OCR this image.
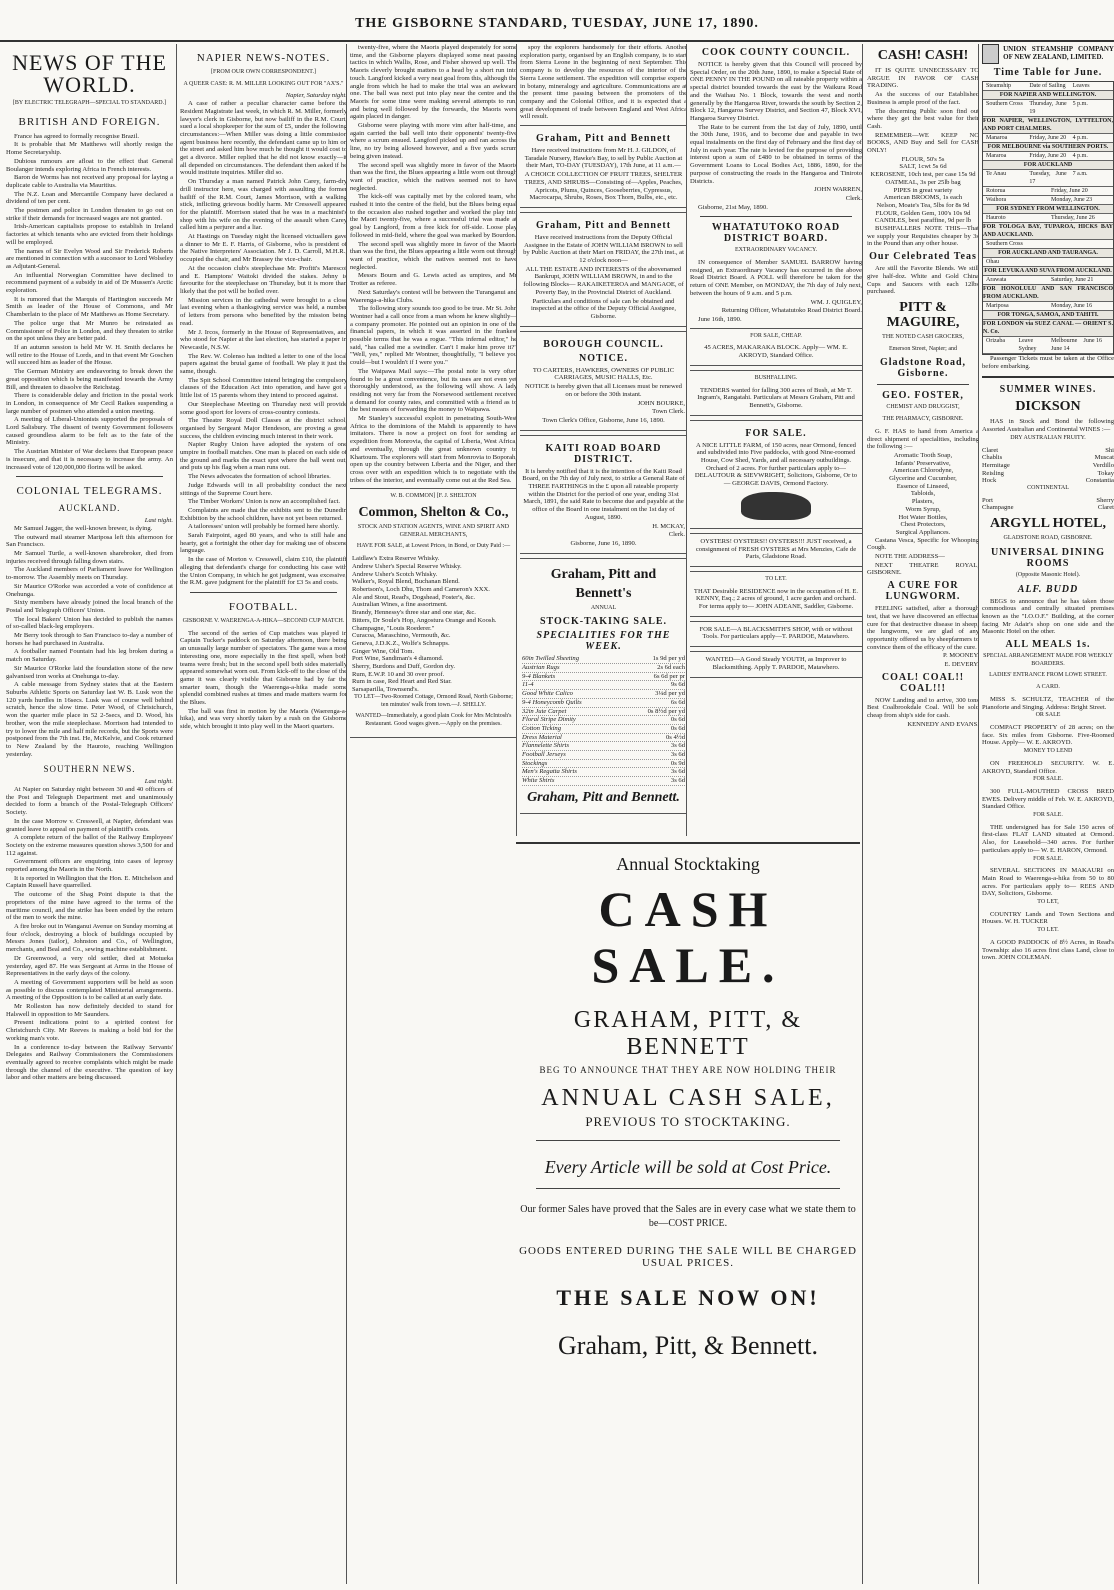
THE GISBORNE STANDARD, TUESDAY, JUNE 17, 1890.
NEWS OF THE WORLD.
[BY ELECTRIC TELEGRAPH—SPECIAL TO STANDARD.]
BRITISH AND FOREIGN.

France has agreed to formally recognise Brazil.

It is probable that Mr Matthews will shortly resign the Home Secretaryship.

Dubious rumours are afloat to the effect that General Boulanger intends exploring Africa in French interests.

Baron de Worms has not received any proposal for laying a duplicate cable to Australia via Mauritius.

The N.Z. Loan and Mercantile Company have declared a dividend of ten per cent.

The postmen and police in London threaten to go out on strike if their demands for increased wages are not granted.

Irish-American capitalists propose to establish in Ireland factories at which tenants who are evicted from their holdings will be employed.

The names of Sir Evelyn Wood and Sir Frederick Roberts are mentioned in connection with a successor to Lord Wolseley as Adjutant-General.

An influential Norwegian Committee have declined to recommend payment of a subsidy in aid of Dr Mussen's Arctic exploration.

It is rumored that the Marquis of Hartington succeeds Mr Smith as leader of the House of Commons, and Mr Chamberlain to the place of Mr Matthews as Home Secretary.

The police urge that Mr Munro be reinstated as Commissioner of Police in London, and they threaten to strike on the spot unless they are better paid.

If an autumn session is held Mr W. H. Smith declares he will retire to the House of Lords, and in that event Mr Goschen will succeed him as leader of the House.

The German Ministry are endeavoring to break down the great opposition which is being manifested towards the Army Bill, and threaten to dissolve the Reichstag.

There is considerable delay and friction in the postal work in London, in consequence of Mr Cecil Raikes suspending a large number of postmen who attended a union meeting.

A meeting of Liberal-Unionists supported the proposals of Lord Salisbury. The dissent of twenty Government followers caused groundless alarm to be felt as to the fate of the Ministry.

The Austrian Minister of War declares that European peace is insecure, and that it is necessary to increase the army. An increased vote of 120,000,000 florins will be asked.

COLONIAL TELEGRAMS.
AUCKLAND.
Last night.

Mr Samuel Jagger, the well-known brewer, is dying.

The outward mail steamer Mariposa left this afternoon for San Francisco.

Mr Samuel Turtle, a well-known sharebroker, died from injuries received through falling down stairs.

The Auckland members of Parliament leave for Wellington to-morrow. The Assembly meets on Thursday.

Sir Maurice O'Rorke was accorded a vote of confidence at Onehunga.

Sixty members have already joined the local branch of the Postal and Telegraph Officers' Union.

The local Bakers' Union has decided to publish the names of so-called black-leg employers.

Mr Berry took through to San Francisco to-day a number of horses he had purchased in Australia.

A footballer named Fountain had his leg broken during a match on Saturday.

Sir Maurice O'Rorke laid the foundation stone of the new galvanised iron works at Onehunga to-day.

A cable message from Sydney states that at the Eastern Suburbs Athletic Sports on Saturday last W. B. Lusk won the 120 yards hurdles in 16secs. Lusk was of course well behind scratch, hence the slow time. Peter Wood, of Christchurch, won the quarter mile place in 52 2-5secs, and D. Wood, his brother, won the mile steeplechase. Morrison had intended to try to lower the mile and half mile records, but the Sports were postponed from the 7th inst. He, McKelvie, and Cook returned to New Zealand by the Hauroto, reaching Wellington yesterday.

SOUTHERN NEWS.
Last night.

At Napier on Saturday night between 30 and 40 officers of the Post and Telegraph Department met and unanimously decided to form a branch of the Postal-Telegraph Officers' Society.

In the case Morrow v. Cresswell, at Napier, defendant was granted leave to appeal on payment of plaintiff's costs.

A complete return of the ballot of the Railway Employees' Society on the extreme measures question shows 3,500 for and 112 against.

Government officers are enquiring into cases of leprosy reported among the Maoris in the North.

It is reported in Wellington that the Hon. E. Mitchelson and Captain Russell have quarrelled.

The outcome of the Shag Point dispute is that the proprietors of the mine have agreed to the terms of the maritime council, and the strike has been ended by the return of the men to work the mine.

A fire broke out in Wanganui Avenue on Sunday morning at four o'clock, destroying a block of buildings occupied by Messrs Jones (tailor), Johnston and Co., of Wellington, merchants, and Beal and Co., sewing machine establishment.

Dr Greenwood, a very old settler, died at Motueka yesterday, aged 87. He was Sergeant at Arms in the House of Representatives in the early days of the colony.

A meeting of Government supporters will be held as soon as possible to discuss contemplated Ministerial arrangements. A meeting of the Opposition is to be called at an early date.

Mr Rolleston has now definitely decided to stand for Halswell in opposition to Mr Saunders.

Present indications point to a spirited contest for Christchurch City. Mr Reeves is making a bold bid for the working man's vote.

In a conference to-day between the Railway Servants' Delegates and Railway Commissioners the Commissioners eventually agreed to receive complaints which might be made through the channel of the executive. The question of key labor and other matters are being discussed.

NAPIER NEWS-NOTES.
[FROM OUR OWN CORRESPONDENT.]
A QUEER CASE: R. M. MILLER LOOKING OUT FOR "AX'S."
Napier, Saturday night.

A case of rather a peculiar character came before the Resident Magistrate last week, in which R. M. Miller, formerly lawyer's clerk in Gisborne, but now bailiff in the R.M. Court, sued a local shopkeeper for the sum of £5, under the following circumstances:—When Miller was doing a little commission agent business here recently, the defendant came up to him on the street and asked him how much he thought it would cost to get a divorce. Miller replied that he did not know exactly—it all depended on circumstances. The defendant then asked if he would institute inquiries. Miller did so.

On Thursday a man named Patrick John Carey, farm-dry drill instructor here, was charged with assaulting the former bailiff of the R.M. Court, James Morrison, with a walking stick, inflicting grievous bodily harm. Mr Cresswell appeared for the plaintiff. Morrison stated that he was in a machinist's shop with his wife on the evening of the assault when Carey called him a perjurer and a liar.

At Hastings on Tuesday night the licensed victuallers gave a dinner to Mr E. F. Harris, of Gisborne, who is president of the Native Interpreters' Association. Mr J. D. Carroll, M.H.R., occupied the chair, and Mr Brassey the vice-chair.

At the occasion club's steeplechase Mr. Profitt's Marescoi and E. Hamptons' Waitoki divided the stakes. Jehny is favourite for the steeplechase on Thursday, but it is more than likely that the pot will be boiled over.

Mission services in the cathedral were brought to a close last evening when a thanksgiving service was held, a number of letters from persons who benefited by the mission being read.

Mr J. Ircos, formerly in the House of Representatives, and who stood for Napier at the last election, has started a paper in Newcastle, N.S.W.

The Rev. W. Colenso has indited a letter to one of the local papers against the brutal game of football. We play it just the same, though.

The Spit School Committee intend bringing the compulsory clauses of the Education Act into operation, and have got a little list of 15 parents whom they intend to proceed against.

Our Steeplechase Meeting on Thursday next will provide some good sport for lovers of cross-country contests.

The Theatre Royal Doll Classes at the district school, organised by Sergeant Major Hendeson, are proving a great success, the children evincing much interest in their work.

Napier Rugby Union have adopted the system of one umpire in football matches. One man is placed on each side of the ground and marks the exact spot where the ball went out, and puts up his flag when a man runs out.

The News advocates the formation of school libraries.

Judge Edwards will in all probability conduct the next sittings of the Supreme Court here.

The Timber Workers' Union is now an accomplished fact.

Complaints are made that the exhibits sent to the Dunedin Exhibition by the school children, have not yet been returned.

A tailoresses' union will probably be formed here shortly.

Sarah Fairpoint, aged 80 years, and who is still hale and hearty, got a fortnight the other day for making use of obscene language.

In the case of Morton v. Cresswell, claim £10, the plaintiff alleging that defendant's charge for conducting his case with the Union Company, in which he got judgment, was excessive, the R.M. gave judgment for the plaintiff for £3 5s and costs.

FOOTBALL.
GISBORNE V. WAERENGA-A-HIKA—SECOND CUP MATCH.

The second of the series of Cup matches was played in Captain Tucker's paddock on Saturday afternoon, there being an unusually large number of spectators. The game was a most interesting one, more especially in the first spell, when both teams were fresh; but in the second spell both sides materially appeared somewhat worn out. From kick-off to the close of the game it was clearly visible that Gisborne had by far the smarter team, though the Waerenga-a-hika made some splendid combined rushes at times and made matters warm for the Blues.

The ball was first in motion by the Maoris (Waerenga-a-hika), and was very shortly taken by a rush on the Gisborne side, which brought it into play well in the Maori quarters.

twenty-five, where the Maoris played desperately for some time, and the Gisborne players displayed some neat passing tactics in which Wallis, Rose, and Fisher showed up well. The Maoris cleverly brought matters to a head by a short run into touch. Langford kicked a very neat goal from this, although the angle from which he had to make the trial was an awkward one. The ball was next put into play near the centre and the Maoris for some time were making several attempts to run, and being well followed by the forwards, the Maoris were again placed in danger.

Gisborne were playing with more vim after half-time, and again carried the ball well into their opponents' twenty-five where a scrum ensued. Langford picked up and ran across the line, no try being allowed however, and a five yards scrum being given instead.

The second spell was slightly more in favor of the Maoris than was the first, the Blues appearing a little worn out through want of practice, which the natives seemed not to have neglected.

The kick-off was capitally met by the colored team, who rushed it into the centre of the field, but the Blues being equal to the occasion also rushed together and worked the play into the Maori twenty-five, where a successful trial was made at goal by Langford, from a free kick for off-side. Loose play followed in mid-field, where the goal was marked by Bourdon.

The second spell was slightly more in favor of the Maoris than was the first, the Blues appearing a little worn out through want of practice, which the natives seemed not to have neglected.

Messrs Bourn and G. Lewis acted as umpires, and Mr Trotter as referee.

Next Saturday's contest will be between the Turanganui and Waerenga-a-hika Clubs.

The following story sounds too good to be true. Mr St. John Wontner had a call once from a man whom he knew slightly—a company promoter. He pointed out an opinion in one of the financial papers, in which it was asserted in the frankest possible terms that he was a rogue. "This infernal editor," he said, "has called me a swindler. Can't I make him prove it?" "Well, yes," replied Mr Wontner, thoughtfully, "I believe you could—but I wouldn't if I were you."

The Waipawa Mail says:—The postal note is very often found to be a great convenience, but its uses are not even yet thoroughly understood, as the following will show. A lady residing not very far from the Norsewood settlement received a demand for county rates, and committed with a friend as to the best means of forwarding the money to Waipawa.

Mr Stanley's successful exploit in penetrating South-West Africa to the dominions of the Mahdi is apparently to have imitators. There is now a project on foot for sending an expedition from Monrovia, the capital of Liberia, West Africa, and eventually, through the great unknown country to Khartoum. The explorers will start from Monrovia to Boporah, open up the country between Liberia and the Niger, and then cross over with an expedition which is to negotiate with the tribes of the interior, and eventually come out at the Red Sea.

W. B. COMMON] [F. J. SHELTON
Common, Shelton & Co.,
STOCK AND STATION AGENTS, WINE AND SPIRIT AND GENERAL MERCHANTS,
HAVE FOR SALE, at Lowest Prices, in Bond, or Duty Paid :—
Laidlaw's Extra Reserve Whisky.
Andrew Usher's Special Reserve Whisky.
Andrew Usher's Scotch Whisky.
Walker's, Royal Blend, Buchanan Blend.
Robertson's, Loch Dhu, Thom and Cameron's XXX.
Ale and Stout, Read's, Dogshead, Foster's, &c.
Australian Wines, a fine assortment.
Brandy, Hennessy's three star and one star, &c.
Bitters, Dr Soule's Hop, Angostura Orange and Koosh.
Champagne, "Louis Roederer."
Curacoa, Maraschino, Vermouth, &c.
Geneva, J.D.K.Z., Wolfe's Schnapps.
Ginger Wine, Old Tom.
Port Wine, Sandiman's 4 diamond.
Sherry, Burdons and Duff, Gordon dry.
Rum, E.W.P. 10 and 30 over proof.
Rum in case, Red Heart and Red Star.
Sarsaparilla, Townsend's.
TO LET—Two-Roomed Cottage, Ormond Road, North Gisborne; ten minutes' walk from town.—J. SHELLY.
WANTED—Immediately, a good plain Cook for Mrs McIntosh's Restaurant. Good wages given.—Apply on the premises.

spoy the explorers handsomely for their efforts. Another exploration party, organised by an English company, is to start from Sierra Leone in the beginning of next September. This company is to develop the resources of the interior of the Sierra Leone settlement. The expedition will comprise experts in botany, mineralogy and agriculture. Communications are at the present time passing between the promoters of the company and the Colonial Office, and it is expected that a great development of trade between England and West Africa will result.

Graham, Pitt and Bennett

Have received instructions from Mr H. J. GILDON, of Taradale Nursery, Hawke's Bay, to sell by Public Auction at their Mart, TO-DAY (TUESDAY), 17th June, at 11 a.m.—

A CHOICE COLLECTION OF FRUIT TREES, SHELTER TREES, AND SHRUBS—Consisting of—Apples, Peaches, Apricots, Plums, Quinces, Gooseberries, Cypressus, Macrocarpa, Shrubs, Roses, Box Thorn, Bulbs, etc., etc.

Graham, Pitt and Bennett

Have received instructions from the Deputy Official Assignee in the Estate of JOHN WILLIAM BROWN to sell by Public Auction at their Mart on FRIDAY, the 27th inst., at 12 o'clock noon—

ALL THE ESTATE AND INTERESTS of the abovenamed Bankrupt, JOHN WILLIAM BROWN, in and to the following Blocks— RAKAIKETEROA and MANGAOE, of Poverty Bay, in the Provincial District of Auckland.

Particulars and conditions of sale can be obtained and inspected at the office of the Deputy Official Assignee, Gisborne.

BOROUGH COUNCIL.
NOTICE.

TO CARTERS, HAWKERS, OWNERS OF PUBLIC CARRIAGES, MUSIC HALLS, Etc.

NOTICE is hereby given that all Licenses must be renewed on or before the 30th instant.

JOHN BOURKE,

Town Clerk.

Town Clerk's Office, Gisborne, June 16, 1890.

KAITI ROAD BOARD DISTRICT.

It is hereby notified that it is the intention of the Kaiti Road Board, on the 7th day of July next, to strike a General Rate of THREE FARTHINGS in the £ upon all rateable property within the District for the period of one year, ending 31st March, 1891, the said Rate to become due and payable at the office of the Board in one instalment on the 1st day of August, 1890.

H. MCKAY,

Clerk.

Gisborne, June 16, 1890.

Graham, Pitt and
Bennett's
ANNUAL
STOCK-TAKING SALE.
SPECIALITIES FOR THE WEEK.
60in Twilled Sheeting	1s 9d per yd
Austrian Rugs	2s 6d each
9-4 Blankets	6s 6d per pr
11-4	9s 6d
Good White Calico	3¼d per yd
9-4 Honeycomb Quilts	6s 6d
32in Jute Carpet	0s 8½d per yd
Floral Stripe Dimity	0s 6d
Cotton Ticking	0s 6d
Dress Material	0s 4½d
Flannelette Shirts	3s 6d
Football Jerseys	3s 6d
Stockings	0s 9d
Men's Regatta Shirts	3s 6d
White Shirts	3s 6d
Graham, Pitt and Bennett.
COOK COUNTY COUNCIL.

NOTICE is hereby given that this Council will proceed by Special Order, on the 20th June, 1890, to make a Special Rate of ONE PENNY IN THE POUND on all rateable property within a special district bounded towards the east by the Waikura Road and the Waihau No. 1 Block, towards the west and north generally by the Hangaroa River, towards the south by Section 2, Block 12, Hangaroa Survey District, and Section 47, Block XVI, Hangaroa Survey District.

The Rate to be current from the 1st day of July, 1890, until the 30th June, 1916, and to become due and payable in two equal instalments on the first day of February and the first day of July in each year. The rate is levied for the purpose of providing interest upon a sum of £480 to be obtained in terms of the Government Loans to Local Bodies Act, 1886, 1890, for the purpose of constructing the roads in the Hangaroa and Tiniroto Districts.

JOHN WARREN,

Clerk.

Gisborne, 21st May, 1890.

WHATATUTOKO ROAD DISTRICT BOARD.
EXTRAORDINARY VACANCY.

IN consequence of Member SAMUEL BARROW having resigned, an Extraordinary Vacancy has occurred in the above Road District Board. A POLL will therefore be taken for the return of ONE Member, on MONDAY, the 7th day of July next, between the hours of 9 a.m. and 5 p.m.

WM. J. QUIGLEY,

Returning Officer, Whatatutoko Road District Board.

June 16th, 1890.

FOR SALE, CHEAP.

45 ACRES, MAKARAKA BLOCK. Apply— WM. E. AKROYD, Standard Office.

BUSHFALLING.

TENDERS wanted for falling 300 acres of Bush, at Mr T. Ingram's, Rangatahi. Particulars at Messrs Graham, Pitt and Bennett's, Gisborne.

FOR SALE.

A NICE LITTLE FARM, of 150 acres, near Ormond, fenced and subdivided into Five paddocks, with good Nine-roomed House, Cow Shed, Yards, and all necessary outbuildings. Orchard of 2 acres. For further particulars apply to— DELAUTOUR & SIEVWRIGHT, Solicitors, Gisborne, Or to— GEORGE DAVIS, Ormond Factory.

OYSTERS! OYSTERS!! OYSTERS!!! JUST received, a consignment of FRESH OYSTERS at Mrs Menzies, Cafe de Paris, Gladstone Road.

TO LET.

THAT Desirable RESIDENCE now in the occupation of H. E. KENNY, Esq.; 2 acres of ground, 1 acre garden and orchard. For terms apply to— JOHN ADEANE, Saddler, Gisborne.

FOR SALE—A BLACKSMITH'S SHOP, with or without Tools. For particulars apply—T. PARDOE, Matawhero.

WANTED—A Good Steady YOUTH, as Improver to Blacksmithing. Apply T. PARDOE, Matawhero.

Annual Stocktaking
CASH SALE.
GRAHAM, PITT, & BENNETT
BEG TO ANNOUNCE THAT THEY ARE NOW HOLDING THEIR
ANNUAL CASH SALE,
PREVIOUS TO STOCKTAKING.
Every Article will be sold at Cost Price.
Our former Sales have proved that the Sales are in every case what we state them to be—COST PRICE.
GOODS ENTERED DURING THE SALE WILL BE CHARGED USUAL PRICES.
THE SALE NOW ON!
Graham, Pitt, & Bennett.
CASH! CASH!

IT IS QUITE UNNECESSARY TO ARGUE IN FAVOR OF CASH TRADING.

As the success of our Established Business is ample proof of the fact.

The discerning Public soon find out where they get the best value for their Cash.

REMEMBER—WE KEEP NO BOOKS, AND Buy and Sell for CASH ONLY!

FLOUR, 50's 5s
SALT, 1cwt 5s 6d
KEROSENE, 10ch test, per case 15s 9d
OATMEAL, 3s per 25lb bag
PIPES in great variety
American BROOMS, 1s each
Nelson, Moate's Tea, 5lbs for 8s 9d
FLOUR, Golden Gem, 100's 10s 9d
CANDLES, best paraffine, 9d per lb

BUSHFALLERS NOTE THIS—That we supply your Requisites cheaper by 3s in the Pound than any other house.

Our Celebrated Teas

Are still the Favorite Blends. We still give half-doz. White and Gold China Cups and Saucers with each 12lbs purchased.

PITT & MAGUIRE,
THE NOTED CASH GROCERS,
Emerson Street, Napier; and
Gladstone Road, Gisborne.
GEO. FOSTER,
CHEMIST AND DRUGGIST,
THE PHARMACY, GISBORNE.

G. F. HAS to hand from America a direct shipment of specialities, including the following :—

Aromatic Tooth Soap,
Infants' Preservative,
American Chlorodyne,
Glycerine and Cucumber,
Essence of Linseed,
Tabloids,
Plasters,
Worm Syrup,
Hot Water Bottles,
Chest Protectors,
Surgical Appliances.

Castana Vesca, Specific for Whooping Cough.

NOTE THE ADDRESS—

NEXT THEATRE ROYAL, GISBORNE.

A CURE FOR LUNGWORM.

FEELING satisfied, after a thorough test, that we have discovered an effectual cure for that destructive disease in sheep, the lungworm, we are glad of any opportunity offered us by sheepfarmers to convince them of the efficacy of the cure.

P. MOONEY.

E. DEVERY.

COAL! COAL!! COAL!!!

NOW Landing and to arrive, 300 tons Best Coalbrookdale Coal. Will be sold cheap from ship's side for cash.

KENNEDY AND EVANS.

UNION STEAMSHIP COMPANY OF NEW ZEALAND, LIMITED.
Time Table for June.
Steamship	Date of Sailing	Leaves
FOR NAPIER AND WELLINGTON.
Southern Cross	Thursday, June 19
5 p.m.
FOR NAPIER, WELLINGTON, LYTTELTON, AND PORT CHALMERS.
Manaroa	Friday, June 20	4 p.m.
FOR MELBOURNE via SOUTHERN PORTS.
Mararoa	Friday, June 20	4 p.m.
FOR AUCKLAND
Te Anau	Tuesday, June 17
7 a.m.
Rotorua	Friday, June 20
Waihora	Monday, June 23
FOR SYDNEY FROM WELLINGTON.
Hauroto	Thursday, June 26
FOR TOLOGA BAY, TUPAROA, HICKS BAY AND AUCKLAND.
Southern Cross
FOR AUCKLAND AND TAURANGA.
Ohau
FOR LEVUKA AND SUVA FROM AUCKLAND.
Arawata	Saturday, June 21
FOR HONOLULU AND SAN FRANCISCO FROM AUCKLAND.
Mariposa	Monday, June 16
FOR TONGA, SAMOA, AND TAHITI.
FOR LONDON via SUEZ CANAL — ORIENT S. N. Co.
Orizaba	Leave Sydney
Melbourne June 14
June 16

Passenger Tickets must be taken at the Office before embarking.

SUMMER WINES.
DICKSON

HAS in Stock and Bond the following Assorted Australian and Continental WINES :—

DRY AUSTRALIAN FRUITY.
Claret	Shi
Chablis	Muscat
Hermitage	Verdillo
Reisling	Tokay
Hock	Constantia
CONTINENTAL
Port	Sherry
Champagne	Claret
ARGYLL HOTEL,
GLADSTONE ROAD, GISBORNE.
UNIVERSAL DINING ROOMS
(Opposite Masonic Hotel).
ALF. BUDD

BEGS to announce that he has taken those commodious and centrally situated premises known as the "I.O.O.F." Building, at the corner facing Mr Adair's shop on one side and the Masonic Hotel on the other.

ALL MEALS 1s.
SPECIAL ARRANGEMENT MADE FOR WEEKLY BOARDERS.
LADIES' ENTRANCE FROM LOWE STREET.
A CARD.

MISS S. SCHULTZ, TEACHER of the Pianoforte and Singing. Address: Bright Street.

OR SALE

COMPACT PROPERTY of 28 acres; on the face. Six miles from Gisborne. Five-Roomed House. Apply— W. E. AKROYD.

MONEY TO LEND

ON FREEHOLD SECURITY. W. E. AKROYD, Standard Office.

FOR SALE.

300 FULL-MOUTHED CROSS BRED EWES. Delivery middle of Feb. W. E. AKROYD, Standard Office.

FOR SALE.

THE undersigned has for Sale 150 acres of first-class FLAT LAND situated at Ormond. Also, for Leasehold—340 acres. For further particulars apply to— W. E. HARON, Ormond.

FOR SALE.

SEVERAL SECTIONS IN MAKAURI on Main Road to Waerenga-a-hika from 50 to 80 acres. For particulars apply to— REES AND DAY, Solicitors, Gisborne.

TO LET,

COUNTRY Lands and Town Sections and Houses. W. H. TUCKER

TO LET.

A GOOD PADDOCK of 8½ Acres, in Read's Township: also 16 acres first class Land, close to town. JOHN COLEMAN.
